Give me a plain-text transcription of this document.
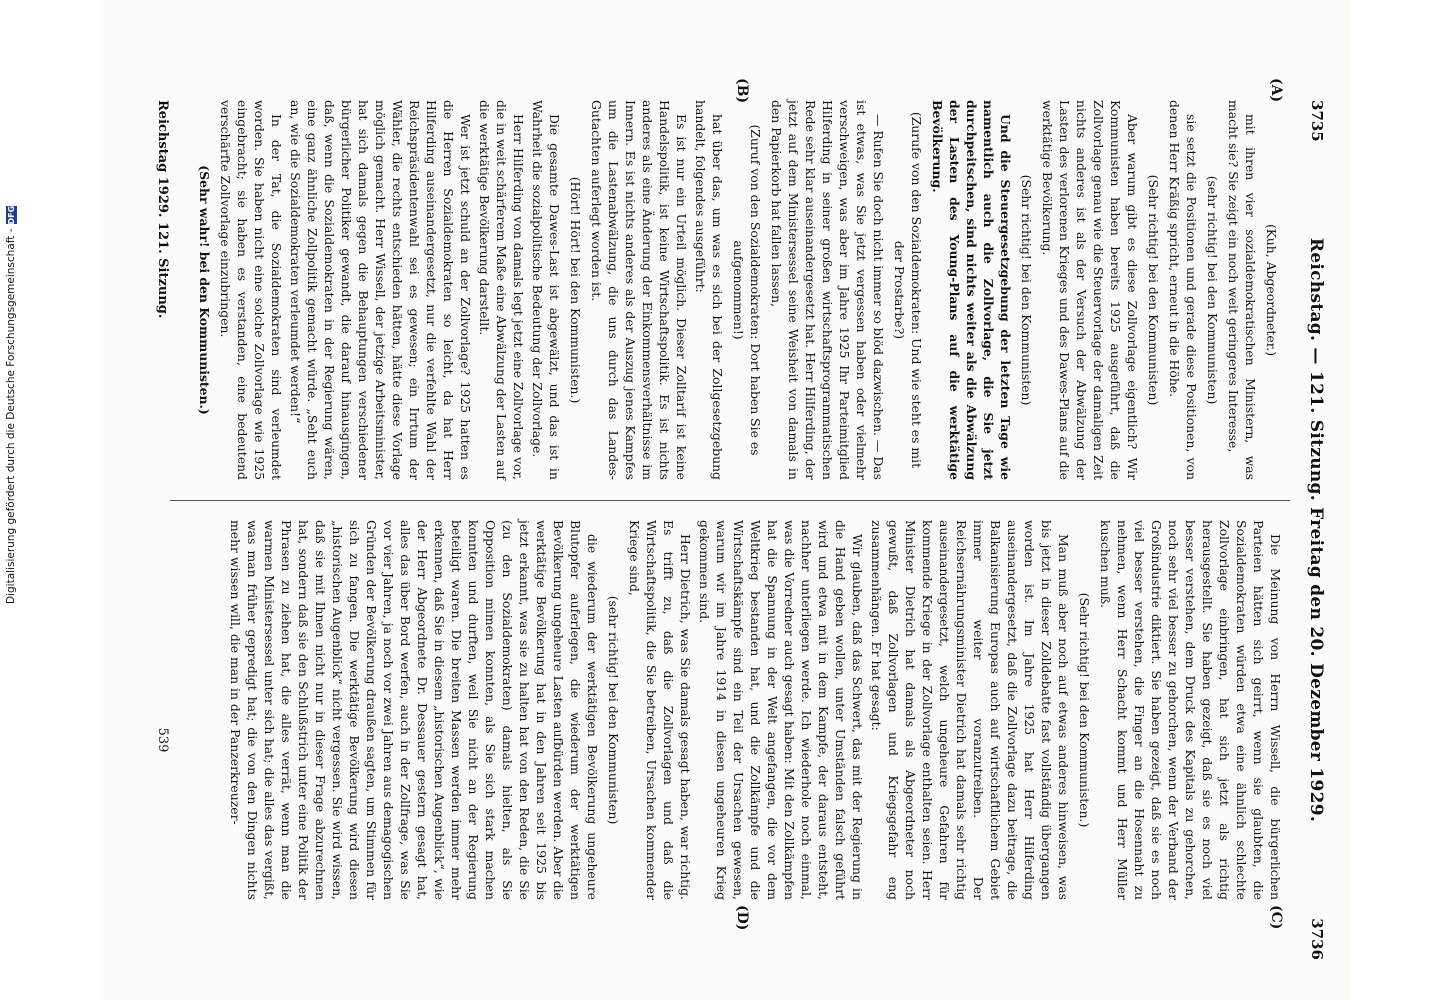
3735
Reichstag. — 121. Sitzung. Freitag den 20. Dezember 1929.
3736
(A)
(B)
(C)
(D)

(Kuh, Abgeordneter.)

mit ihren vier sozialdemokratischen Ministern, was macht sie? Sie zeigt ein noch weit geringeres Interesse,

(sehr richtig! bei den Kommunisten)

sie setzt die Positionen und gerade diese Positionen, von denen Herr Kräßig spricht, erneut in die Höhe.

(Sehr richtig! bei den Kommunisten)

Aber warum gibt es diese Zollvorlage eigentlich? Wir Kommunisten haben bereits 1925 ausgeführt, daß die Zollvorlage genau wie die Steuervorlage der damaligen Zeit nichts anderes ist als der Versuch der Abwälzung der Lasten des verlorenen Krieges und des Dawes-Plans auf die werktätige Bevölkerung.

(Sehr richtig! bei den Kommunisten)

Und die Steuergesetzgebung der letzten Tage wie namentlich auch die Zollvorlage, die Sie jetzt durchpeitschen, sind nichts weiter als die Abwälzung der Lasten des Young-Plans auf die werktätige Bevölkerung.

(Zurufe von den Sozialdemokraten: Und wie steht es mit der Prostarbe?)

— Rufen Sie doch nicht immer so blöd dazwischen. — Das ist etwas, was Sie jetzt vergessen haben oder vielmehr verschweigen, was aber im Jahre 1925 Ihr Parteimitglied Hilferding in seiner großen wirtschaftsprogrammatischen Rede sehr klar auseinandergesetzt hat. Herr Hilferding, der jetzt auf dem Ministersessel seine Weisheit von damals in den Papierkorb hat fallen lassen,

(Zuruf von den Sozialdemokraten: Dort haben Sie es aufgenommen!)

hat über das, um was es sich bei der Zollgesetzgebung handelt, folgendes ausgeführt:

Es ist nur ein Urteil möglich. Dieser Zolltarif ist keine Handelspolitik, ist keine Wirtschaftspolitik. Es ist nichts anderes als eine Änderung der Einkommensverhältnisse im Innern. Es ist nichts anderes als der Auszug jenes Kampfes um die Lastenabwälzung, die uns durch das Landes-Gutachten auferlegt worden ist.

(Hört! Hört! bei den Kommunisten.)

Die gesamte Dawes-Last ist abgewälzt, und das ist in Wahrheit die sozialpolitische Bedeutung der Zollvorlage.

Herr Hilferding von damals legt jetzt eine Zollvorlage vor, die in weit schärferem Maße eine Abwälzung der Lasten auf die werktätige Bevölkerung darstellt.

Wer ist jetzt schuld an der Zollvorlage? 1925 hatten es die Herren Sozialdemokraten so leicht, da hat Herr Hilferding auseinandergesetzt, nur die verfehlte Wahl der Reichspräsidentenwahl sei es gewesen; ein Irrtum der Wähler, die rechts entschieden hätten, hätte diese Vorlage möglich gemacht. Herr Wissell, der jetzige Arbeitsminister, hat sich damals gegen die Behauptungen verschiedener bürgerlicher Politiker gewandt, die darauf hinausgingen, daß, wenn die Sozialdemokraten in der Regierung wären, eine ganz ähnliche Zollpolitik gemacht würde. „Seht euch an, wie die Sozialdemokraten verleumdet werden!“

In der Tat, die Sozialdemokraten sind verleumdet worden. Sie haben nicht eine solche Zollvorlage wie 1925 eingebracht; sie haben es verstanden, eine bedeutend verschärfte Zollvorlage einzubringen.

(Sehr wahr! bei den Kommunisten.)

Die Meinung von Herrn Wissell, die bürgerlichen Parteien hätten sich geirrt, wenn sie glaubten, die Sozialdemokraten würden etwa eine ähnlich schlechte Zollvorlage einbringen, hat sich jetzt als richtig herausgestellt. Sie haben gezeigt, daß sie es noch viel besser verstehen, dem Druck des Kapitals zu gehorchen, noch sehr viel besser zu gehorchen, wenn der Verband der Großindustrie diktiert. Sie haben gezeigt, daß sie es noch viel besser verstehen, die Finger an die Hosennaht zu nehmen, wenn Herr Schacht kommt und Herr Müller kuschen muß.

(Sehr richtig! bei den Kommunisten.)

Man muß aber noch auf etwas anderes hinweisen, was bis jetzt in dieser Zolldebatte fast vollständig übergangen worden ist. Im Jahre 1925 hat Herr Hilferding auseinandergesetzt, daß die Zollvorlage dazu beitrage, die Balkanisierung Europas auch auf wirtschaftlichem Gebiet immer weiter voranzutreiben. Der Reichsernährungsminister Dietrich hat damals sehr richtig auseinandergesetzt, welch ungeheure Gefahren für kommende Kriege in der Zollvorlage enthalten seien. Herr Minister Dietrich hat damals als Abgeordneter noch gewußt, daß Zollvorlagen und Kriegsgefahr eng zusammenhängen. Er hat gesagt:

Wir glauben, daß das Schwert, das mit der Regierung in die Hand geben wollen, unter Umständen falsch geführt wird und etwa mit in dem Kampfe, der daraus entsteht, nachher unterliegen werde. Ich wiederhole noch einmal, was die Vorredner auch gesagt haben: Mit den Zollkämpfen hat die Spannung in der Welt angefangen, die vor dem Weltkrieg bestanden hat, und die Zollkämpfe und die Wirtschaftskämpfe sind ein Teil der Ursachen gewesen, warum wir im Jahre 1914 in diesen ungeheuren Krieg gekommen sind.

Herr Dietrich, was Sie damals gesagt haben, war richtig. Es trifft zu, daß die Zollvorlagen und daß die Wirtschaftspolitik, die Sie betreiben, Ursachen kommender Kriege sind,

(sehr richtig! bei den Kommunisten)

die wiederum der werktätigen Bevölkerung ungeheure Blutopfer auferlegen, die wiederum der werktätigen Bevölkerung ungeheure Lasten aufbürden werden. Aber die werktätige Bevölkerung hat in den Jahren seit 1925 bis jetzt erkannt, was sie zu halten hat von den Reden, die Sie (zu den Sozialdemokraten) damals hielten, als Sie Opposition mimen konnten, als Sie sich stark machen konnten und durften, weil Sie nicht an der Regierung beteiligt waren. Die breiten Massen werden immer mehr erkennen, daß Sie in diesem „historischen Augenblick“, wie der Herr Abgeordnete Dr. Dessauer gestern gesagt hat, alles das über Bord werfen, auch in der Zollfrage, was Sie vor vier Jahren, ja noch vor zwei Jahren aus demagogischen Gründen der Bevölkerung draußen sagten, um Stimmen für sich zu fangen. Die werktätige Bevölkerung wird diesen „historischen Augenblick“ nicht vergessen. Sie wird wissen, daß sie mit Ihnen nicht nur in dieser Frage abzurechnen hat, sondern daß sie den Schlußstrich unter eine Politik der Phrasen zu ziehen hat, die alles verrät, wenn man die warmen Ministersessel unter sich hat; die alles das vergißt, was man früher gepredigt hat; die von den Dingen nichts mehr wissen will, die man in der Panzerkreuzer-

Reichstag 1929. 121. Sitzung.
539
Digitalisierung gefördert durch die Deutsche Forschungsgemeinschaft -
DFG
